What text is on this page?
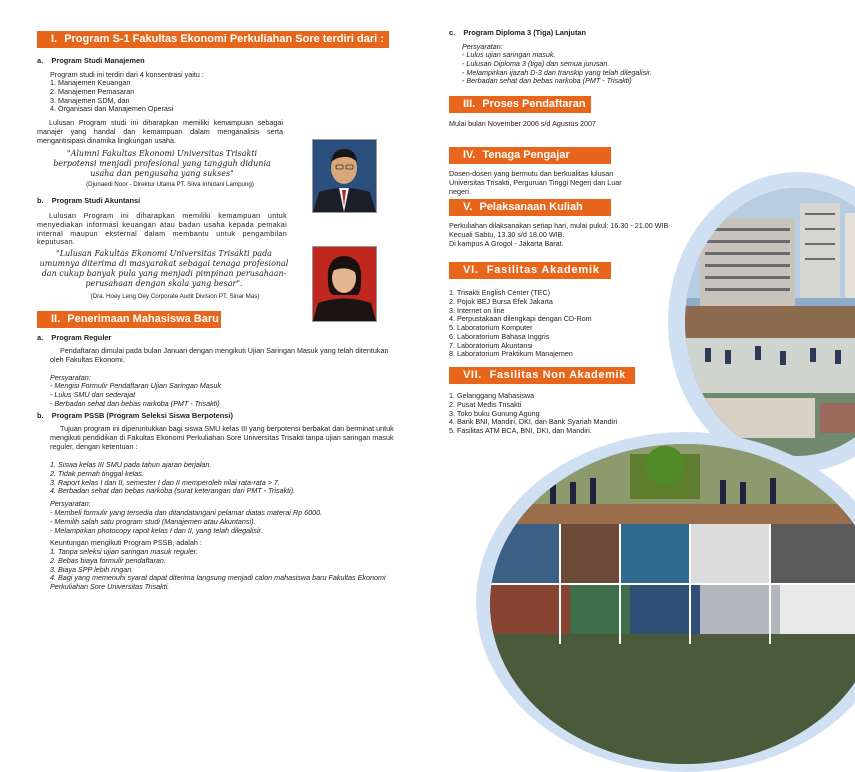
I. Program S-1 Fakultas Ekonomi Perkuliahan Sore terdiri dari :
a. Program Studi Manajemen
Program studi ini terdiri dari 4 konsentrasi yaitu :
1. Manajemen Keuangan
2. Manajemen Pemasaran
3. Manajemen SDM, dan
4. Organisasi dan Manajemen Operasi

Lulusan Program studi ini diharapkan memiliki kemampuan sebagai manajer yang handal dan kemampuan dalam menganalisis serta mengantisipasi dinamika lingkungan usaha.

"Alumni Fakultas Ekonomi Universitas Trisakti berpotensi menjadi profesional yang tangguh didunia usaha dan pengusaha yang sukses"
(Djunaedi Noor - Direktur Utama PT. Silva Inhutani Lampung)
b. Program Studi Akuntansi

Lulusan Program ini diharapkan memiliki kemampuan untuk menyediakan informasi keuangan atau badan usaha kepada pemakai internal maupun eksternal dalam membantu untuk pengambilan keputusan.

"Lulusan Fakultas Ekonomi Universitas Trisakti pada umumnya diterima di masyarakat sebagai tenaga profesional dan cukup banyak pula yang menjadi pimpinan perusahaan-perusahaan dengan skala yang besar".
(Dra. Hoey Leng Oey Corporate Audit Division PT. Sinar Mas)
II. Penerimaan Mahasiswa Baru
a. Program Reguler

Pendaftaran dimulai pada bulan Januari dengan mengikuti Ujian Saringan Masuk yang telah ditentukan oleh Fakultas Ekonomi.

Persyaratan:
- Mengisi Formulir Pendaftaran Ujian Saringan Masuk
- Lulus SMU dan sederajat
- Berbadan sehat dan bebas narkoba (PMT - Trisakti)
b. Program PSSB (Program Seleksi Siswa Berpotensi)

Tujuan program ini diperuntukkan bagi siswa SMU kelas III yang berpotensi berbakat dan berminat untuk mengikuti pendidikan di Fakultas Ekonomi Perkuliahan Sore Universitas Trisakti tanpa ujian saringan masuk reguler, dengan ketentuan :

1. Siswa kelas III SMU pada tahun ajaran berjalan.
2. Tidak pernah tinggal kelas.
3. Raport kelas I dan II, semester I dan II memperoleh nilai rata-rata > 7.
4. Berbadan sehat dan bebas narkoba (surat keterangan dari PMT - Trisakti).
Persyaratan:
- Membeli formulir yang tersedia dan ditandatangani pelamar diatas materai Rp 6000.
- Memilih salah satu program studi (Manajemen atau Akuntansi).
- Melampirkan photocopy rapot kelas I dan II, yang telah dilegalisir.
Keuntungan mengikuti Program PSSB, adalah :
1. Tanpa seleksi ujian saringan masuk reguler.
2. Bebas biaya formulir pendaftaran.
3. Biaya SPP lebih ringan.
4. Bagi yang memenuhi syarat dapat diterima langsung menjadi calon mahasiswa baru Fakultas Ekonomi Perkuliahan Sore Universitas Trisakti.
c. Program Diploma 3 (Tiga) Lanjutan
Persyaratan:
- Lulus ujian saringan masuk.
- Lulusan Diploma 3 (tiga) dan semua jurusan.
- Melampirkan ijazah D-3 dan transkip yang telah dilegalisir.
- Berbadan sehat dan bebas narkoba (PMT - Trisakti)
III. Proses Pendaftaran
Mulai bulan November 2006 s/d Agustus 2007
IV. Tenaga Pengajar

Dosen-dosen yang bermutu dan berkualitas lulusan Universitas Trisakti, Perguruan Tinggi Negeri dan Luar negeri.

V. Pelaksanaan Kuliah
Perkuliahan dilaksanakan setiap hari, mulai pukul: 16.30 - 21.00 WIB
Kecuali Sabtu, 13.30 s/d 18.00 WIB.
Di kampus A Grogol - Jakarta Barat.
VI. Fasilitas Akademik
1. Trisakti English Center (TEC)
2. Pojok BEJ Bursa Efek Jakarta
3. Internet on line
4. Perpustakaan dilengkapi dengan CD-Rom
5. Laboratorium Komputer
6. Laboratorium Bahasa Inggris
7. Laboratorium Akuntansi
8. Laboratorium Praktikum Manajemen
VII. Fasilitas Non Akademik
1. Gelanggang Mahasiswa
2. Pusat Medis Trisakti
3. Toko buku Gunung Agung
4. Bank BNI, Mandiri, DKI, dan Bank Syariah Mandiri
5. Fasilitas ATM BCA, BNI, DKI, dan Mandiri.
